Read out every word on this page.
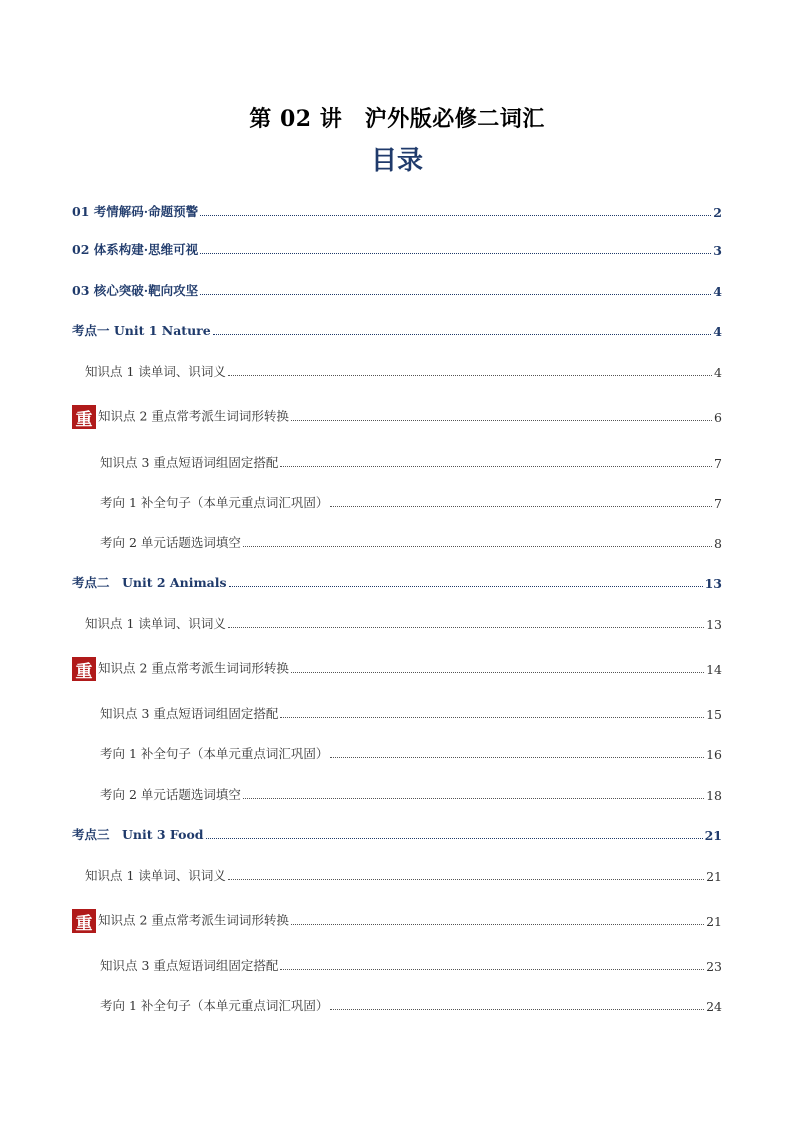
第 02 讲　沪外版必修二词汇
目录
01 考情解码·命题预警	2
02 体系构建·思维可视	3
03 核心突破·靶向攻坚	4
考点一 Unit 1 Nature	4
知识点 1 读单词、识词义	4
重 知识点 2 重点常考派生词词形转换	6
知识点 3 重点短语词组固定搭配	7
考向 1 补全句子（本单元重点词汇巩固）	7
考向 2 单元话题选词填空	8
考点二　Unit 2 Animals	13
知识点 1 读单词、识词义	13
重 知识点 2 重点常考派生词词形转换	14
知识点 3 重点短语词组固定搭配	15
考向 1 补全句子（本单元重点词汇巩固）	16
考向 2 单元话题选词填空	18
考点三　Unit 3 Food	21
知识点 1 读单词、识词义	21
重 知识点 2 重点常考派生词词形转换	21
知识点 3 重点短语词组固定搭配	23
考向 1 补全句子（本单元重点词汇巩固）	24
